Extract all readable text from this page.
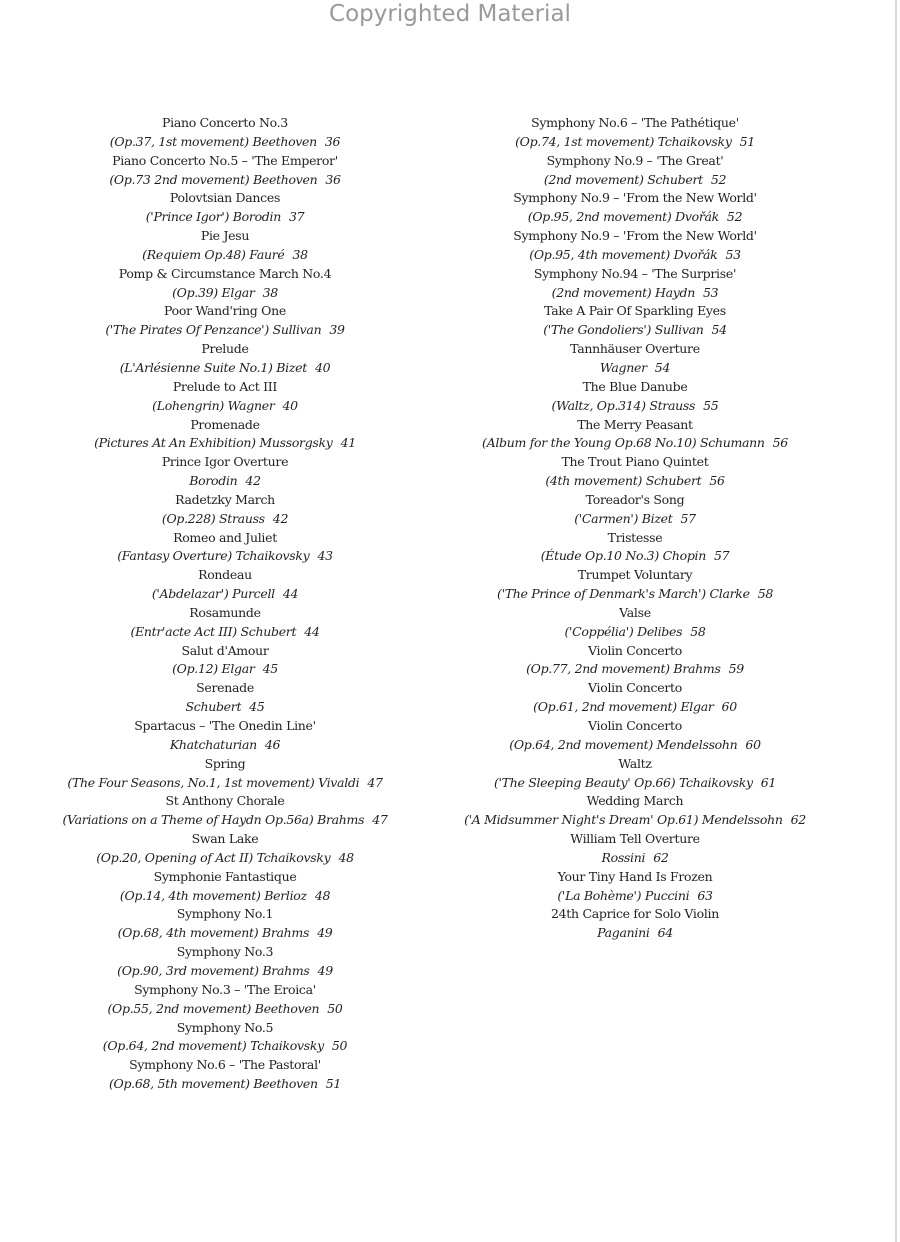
Copyrighted Material
Piano Concerto No.3
(Op.37, 1st movement) Beethoven 36
Piano Concerto No.5 – 'The Emperor'
(Op.73 2nd movement) Beethoven 36
Polovtsian Dances
('Prince Igor') Borodin 37
Pie Jesu
(Requiem Op.48) Fauré 38
Pomp & Circumstance March No.4
(Op.39) Elgar 38
Poor Wand'ring One
('The Pirates Of Penzance') Sullivan 39
Prelude
(L'Arlésienne Suite No.1) Bizet 40
Prelude to Act III
(Lohengrin) Wagner 40
Promenade
(Pictures At An Exhibition) Mussorgsky 41
Prince Igor Overture
Borodin 42
Radetzky March
(Op.228) Strauss 42
Romeo and Juliet
(Fantasy Overture) Tchaikovsky 43
Rondeau
('Abdelazar') Purcell 44
Rosamunde
(Entr'acte Act III) Schubert 44
Salut d'Amour
(Op.12) Elgar 45
Serenade
Schubert 45
Spartacus – 'The Onedin Line'
Khatchaturian 46
Spring
(The Four Seasons, No.1, 1st movement) Vivaldi 47
St Anthony Chorale
(Variations on a Theme of Haydn Op.56a) Brahms 47
Swan Lake
(Op.20, Opening of Act II) Tchaikovsky 48
Symphonie Fantastique
(Op.14, 4th movement) Berlioz 48
Symphony No.1
(Op.68, 4th movement) Brahms 49
Symphony No.3
(Op.90, 3rd movement) Brahms 49
Symphony No.3 – 'The Eroica'
(Op.55, 2nd movement) Beethoven 50
Symphony No.5
(Op.64, 2nd movement) Tchaikovsky 50
Symphony No.6 – 'The Pastoral'
(Op.68, 5th movement) Beethoven 51
Symphony No.6 – 'The Pathétique'
(Op.74, 1st movement) Tchaikovsky 51
Symphony No.9 – 'The Great'
(2nd movement) Schubert 52
Symphony No.9 – 'From the New World'
(Op.95, 2nd movement) Dvořák 52
Symphony No.9 – 'From the New World'
(Op.95, 4th movement) Dvořák 53
Symphony No.94 – 'The Surprise'
(2nd movement) Haydn 53
Take A Pair Of Sparkling Eyes
('The Gondoliers') Sullivan 54
Tannhäuser Overture
Wagner 54
The Blue Danube
(Waltz, Op.314) Strauss 55
The Merry Peasant
(Album for the Young Op.68 No.10) Schumann 56
The Trout Piano Quintet
(4th movement) Schubert 56
Toreador's Song
('Carmen') Bizet 57
Tristesse
(Étude Op.10 No.3) Chopin 57
Trumpet Voluntary
('The Prince of Denmark's March') Clarke 58
Valse
('Coppélia') Delibes 58
Violin Concerto
(Op.77, 2nd movement) Brahms 59
Violin Concerto
(Op.61, 2nd movement) Elgar 60
Violin Concerto
(Op.64, 2nd movement) Mendelssohn 60
Waltz
('The Sleeping Beauty' Op.66) Tchaikovsky 61
Wedding March
('A Midsummer Night's Dream' Op.61) Mendelssohn 62
William Tell Overture
Rossini 62
Your Tiny Hand Is Frozen
('La Bohème') Puccini 63
24th Caprice for Solo Violin
Paganini 64
